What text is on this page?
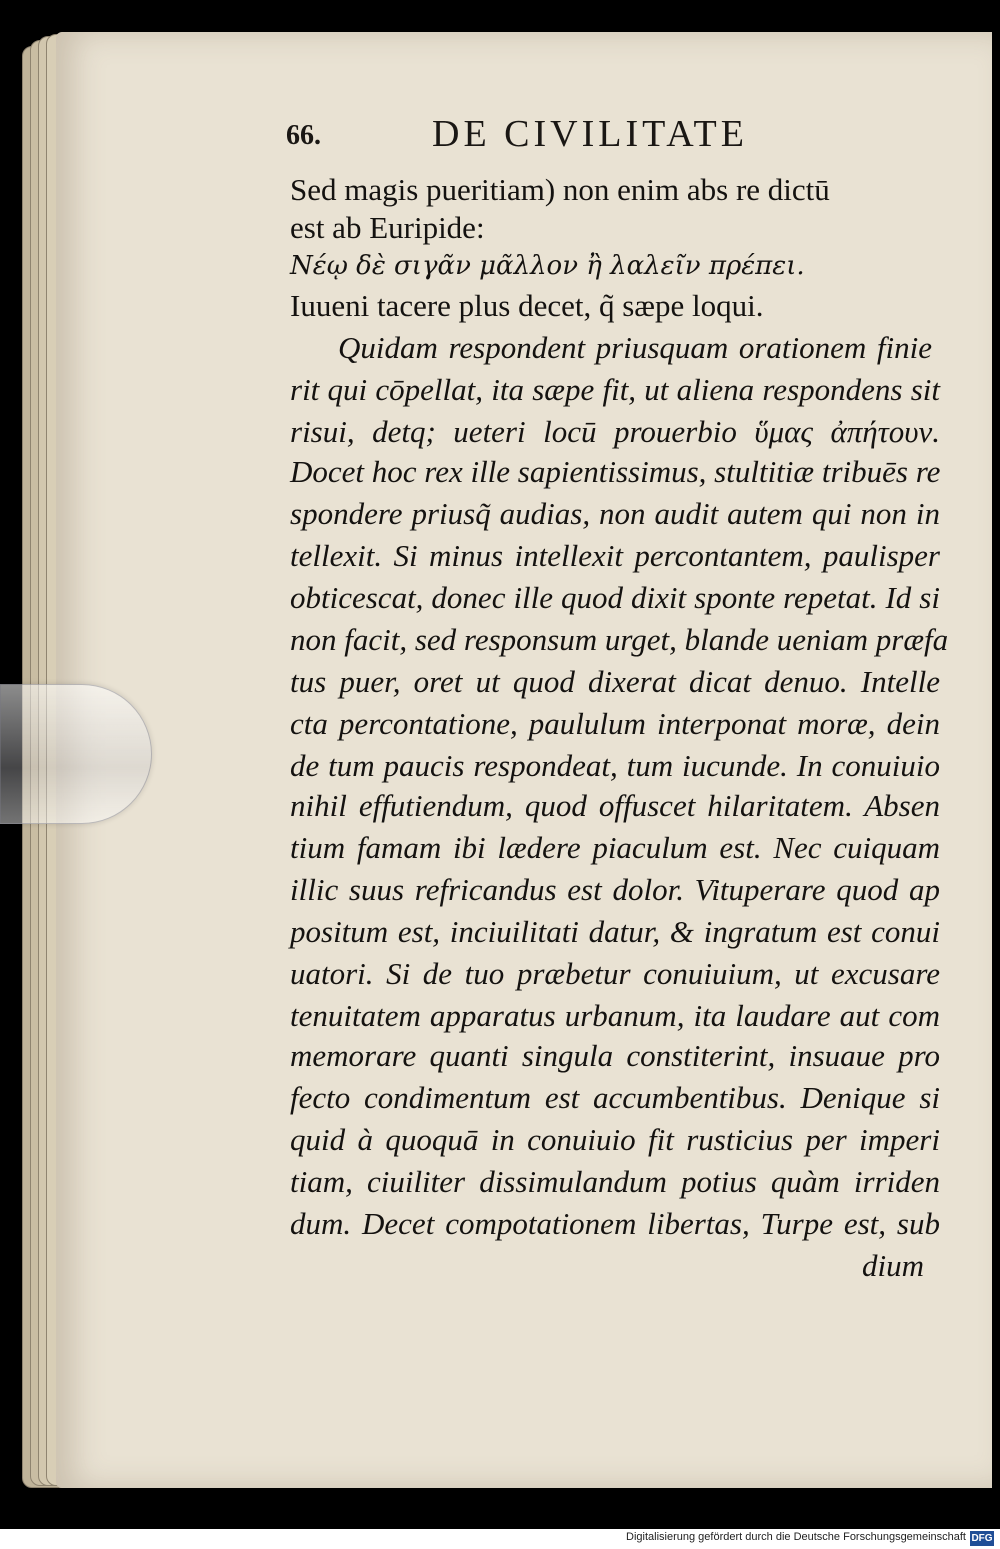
66.	DE CIVILITATE
Sed magis pueritiam) non enim abs re dictū
est ab Euripide:
Νέῳ δὲ σιγᾶν μᾶλλον ἢ λαλεῖν πρέπει.
Iuueni tacere plus decet, q̃ sæpe loqui.
Quidam respondent priusquam orationem finie
rit qui cōpellat, ita sæpe fit, ut aliena respondens sit
risui, detq; ueteri locū prouerbio ὕμας ἀπήτουν.
Docet hoc rex ille sapientissimus, stultitiæ tribuēs re
spondere priusq̃ audias, non audit autem qui non in
tellexit. Si minus intellexit percontantem, paulisper
obticescat, donec ille quod dixit sponte repetat. Id si
non facit, sed responsum urget, blande ueniam præfa
tus puer, oret ut quod dixerat dicat denuo. Intelle
cta percontatione, paululum interponat moræ, dein
de tum paucis respondeat, tum iucunde. In conuiuio
nihil effutiendum, quod offuscet hilaritatem. Absen
tium famam ibi lædere piaculum est. Nec cuiquam
illic suus refricandus est dolor. Vituperare quod ap
positum est, inciuilitati datur, & ingratum est conui
uatori. Si de tuo præbetur conuiuium, ut excusare
tenuitatem apparatus urbanum, ita laudare aut com
memorare quanti singula constiterint, insuaue pro
fecto condimentum est accumbentibus. Denique si
quid à quoquā in conuiuio fit rusticius per imperi
tiam, ciuiliter dissimulandum potius quàm irriden
dum. Decet compotationem libertas, Turpe est, sub
dium
Digitalisierung gefördert durch die Deutsche Forschungsgemeinschaft DFG
